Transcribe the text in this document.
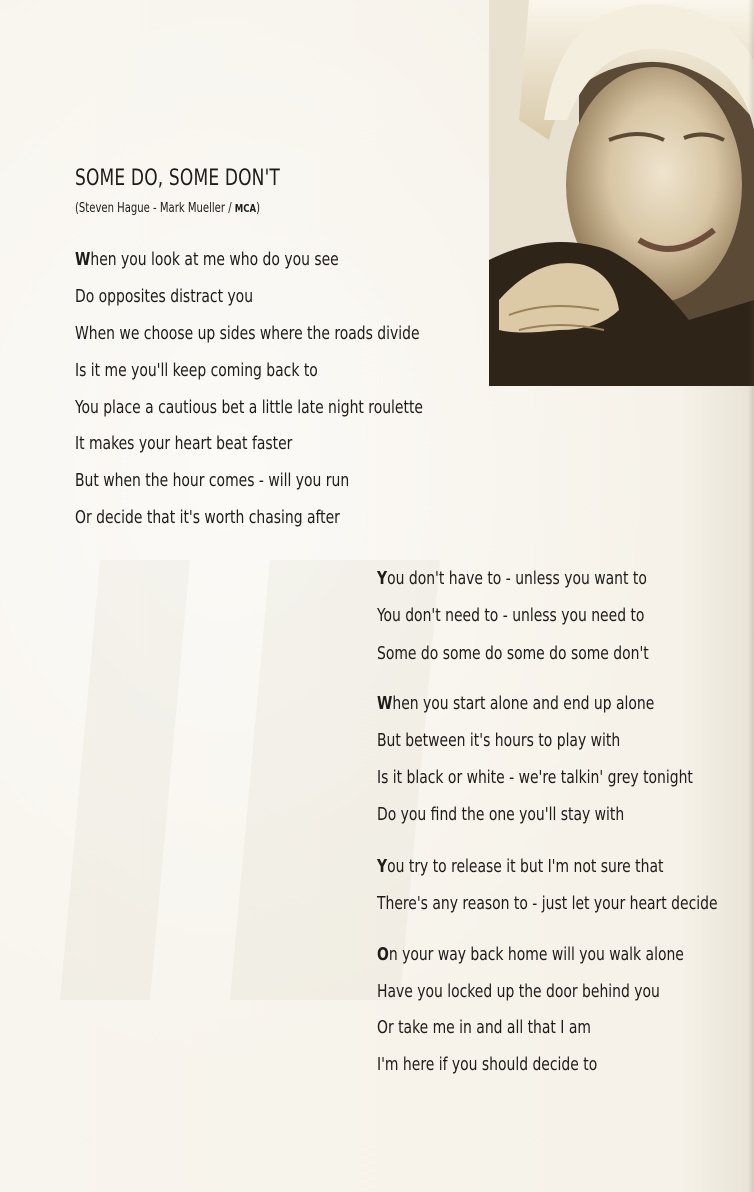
SOME DO, SOME DON'T
(Steven Hague - Mark Mueller / MCA)
When you look at me who do you see
Do opposites distract you
When we choose up sides where the roads divide
Is it me you'll keep coming back to
You place a cautious bet a little late night roulette
It makes your heart beat faster
But when the hour comes - will you run
Or decide that it's worth chasing after
You don't have to - unless you want to
You don't need to - unless you need to
Some do some do some do some don't
When you start alone and end up alone
But between it's hours to play with
Is it black or white - we're talkin' grey tonight
Do you find the one you'll stay with
You try to release it but I'm not sure that
There's any reason to - just let your heart decide
On your way back home will you walk alone
Have you locked up the door behind you
Or take me in and all that I am
I'm here if you should decide to
